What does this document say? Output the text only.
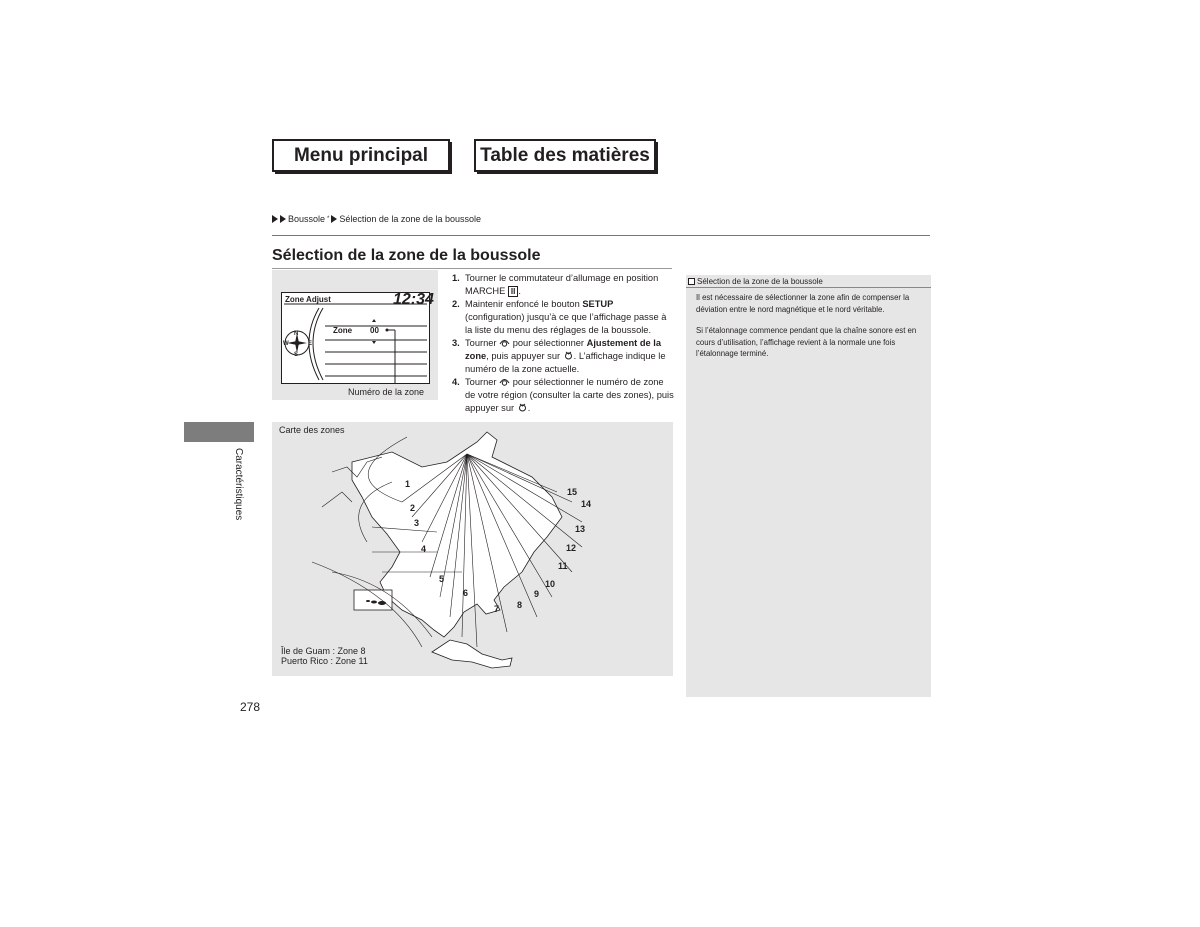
Menu principal	Table des matières
Boussole * Sélection de la zone de la boussole
Sélection de la zone de la boussole
Caractéristiques
N
S
W	E
Zone Adjust	12:34
Zone 00
Numéro de la zone
1. Tourner le commutateur d’allumage en position MARCHE II .
2. Maintenir enfoncé le bouton SETUP (configuration) jusqu’à ce que l’affichage passe à la liste du menu des réglages de la boussole.
3. Tourner  pour sélectionner Ajustement de la zone, puis appuyer sur . L’affichage indique le numéro de la zone actuelle.
4. Tourner  pour sélectionner le numéro de zone de votre région (consulter la carte des zones), puis appuyer sur .
Carte des zones
1
2
3
4
5
6
7 8
9
10
11
12
13
14
15
Île de Guam : Zone 8
Puerto Rico : Zone 11
Sélection de la zone de la boussole
Il est nécessaire de sélectionner la zone afin de compenser la déviation entre le nord magnétique et le nord véritable.
Si l’étalonnage commence pendant que la chaîne sonore est en cours d’utilisation, l’affichage revient à la normale une fois l’étalonnage terminé.
278
